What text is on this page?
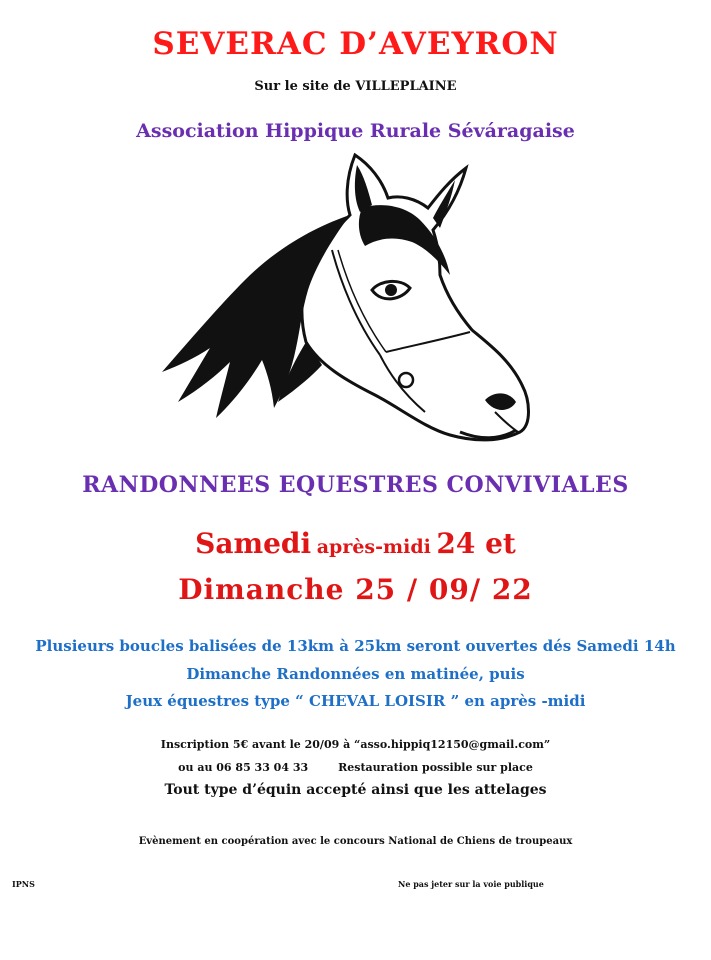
SEVERAC D’AVEYRON
Sur le site de VILLEPLAINE
Association Hippique Rurale Séváragaise
RANDONNEES EQUESTRES CONVIVIALES
Samedi après-midi 24 et
Dimanche 25 / 09/ 22
Plusieurs boucles balisées de 13km à 25km seront ouvertes dés Samedi 14h
Dimanche Randonnées en matinée, puis
Jeux équestres type “ CHEVAL LOISIR ” en après -midi
Inscription 5€ avant le 20/09 à “asso.hippiq12150@gmail.com”
ou au 06 85 33 04 33	Restauration possible sur place
Tout type d’équin accepté ainsi que les attelages
Evènement en coopération avec le concours National de Chiens de troupeaux
IPNS	Ne pas jeter sur la voie publique
